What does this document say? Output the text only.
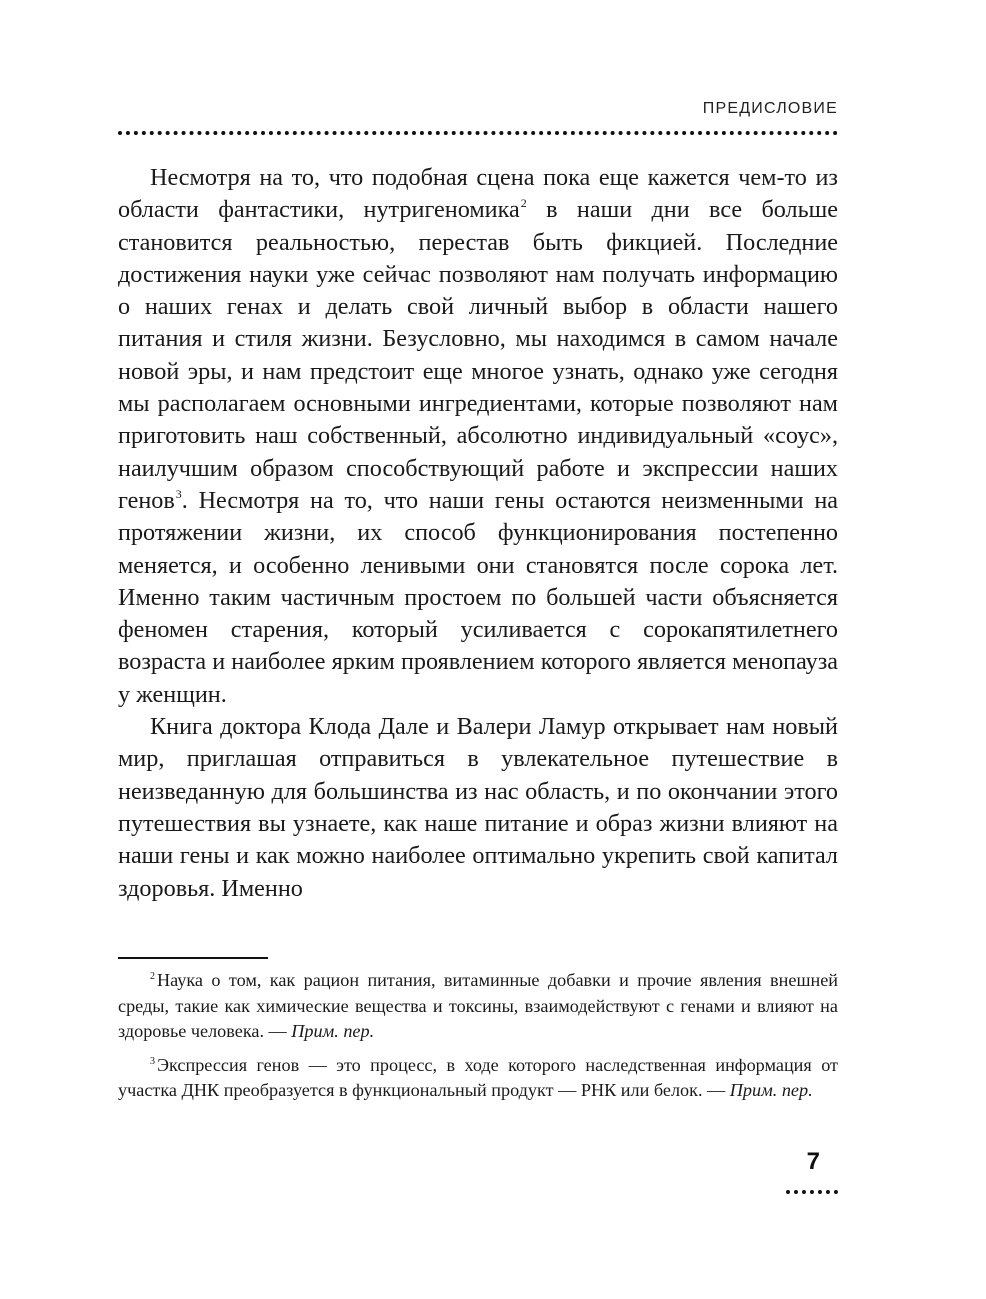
ПРЕДИСЛОВИЕ

Несмотря на то, что подобная сцена пока еще кажется чем-то из области фантастики, нутригеномика$^2$ в наши дни все больше становится реальностью, перестав быть фикцией. Последние достижения науки уже сейчас позволяют нам получать информацию о наших генах и делать свой личный выбор в области нашего питания и стиля жизни. Безусловно, мы находимся в самом начале новой эры, и нам предстоит еще многое узнать, однако уже сегодня мы располагаем основными ингредиентами, которые позволяют нам приготовить наш собственный, абсолютно индивидуальный «соус», наилучшим образом способствующий работе и экспрессии наших генов$^3$. Несмотря на то, что наши гены остаются неизменными на протяжении жизни, их способ функционирования постепенно меняется, и особенно ленивыми они становятся после сорока лет. Именно таким частичным простоем по большей части объясняется феномен старения, который усиливается с сорокапятилетнего возраста и наиболее ярким проявлением которого является менопауза у женщин.

Книга доктора Клода Дале и Валери Ламур открывает нам новый мир, приглашая отправиться в увлекательное путешествие в неизведанную для большинства из нас область, и по окончании этого путешествия вы узнаете, как наше питание и образ жизни влияют на наши гены и как можно наиболее оптимально укрепить свой капитал здоровья. Именно

$^2$ Наука о том, как рацион питания, витаминные добавки и прочие явления внешней среды, такие как химические вещества и токсины, взаимодействуют с генами и влияют на здоровье человека. — Прим. пер.

$^3$ Экспрессия генов — это процесс, в ходе которого наследственная информация от участка ДНК преобразуется в функциональный продукт — РНК или белок. — Прим. пер.

7
